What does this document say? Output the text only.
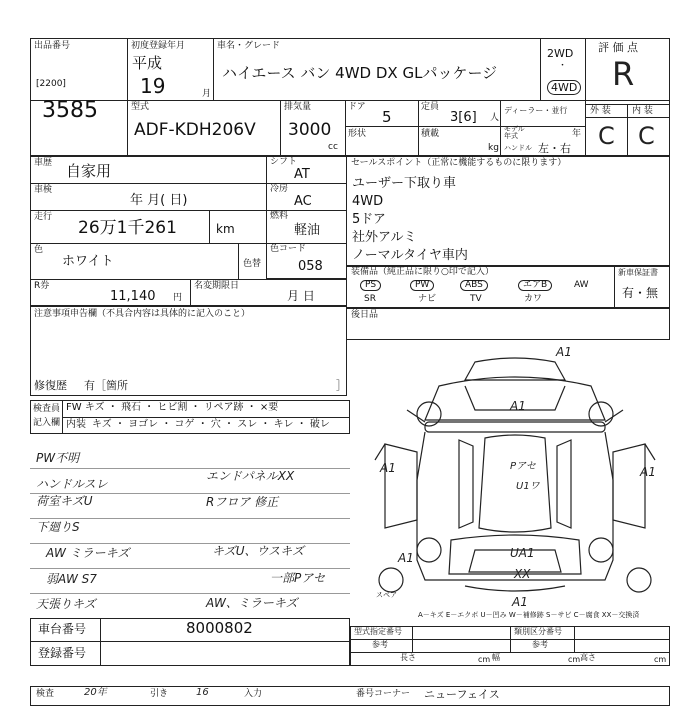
出品番号
[2200]
3585
初度登録年月
平成
19	月
車名・グレード
ハイエース バン 4WD DX GLパッケージ
2WD
・
4WD
評 価 点
R
外 装 内 装
C C
型式
ADF-KDH206V
排気量
3000
cc
ドア
5
定員
3[6] 人
ディーラー・並行
形状	積載
kg
モデル年式	年
ハンドル 左・右
車歴 自家用
車検
年 月( 日)
走行
26万1千261	km
色
ホワイト	色替
R券
11,140 円
名変期限日
月 日
シフト
AT
冷房
AC
燃料
軽油
色コード
058
セールスポイント（正常に機能するものに限ります）
ユーザー下取り車
4WD
5ドア
社外アルミ
ノーマルタイヤ車内
装備品（純正品に限り○印で記入）
PS	PW	ABS	エアB	AW
SR	ナビ	TV	カワ
新車保証書
有・無
後日品
注意事項申告欄（不具合内容は具体的に記入のこと）
修復歴 有［箇所	］
検査員
記入欄
FW キズ ・ 飛石 ・ ヒビ割 ・ リペア跡 ・ ×要
内装 キズ ・ ヨゴレ ・ コゲ ・ 穴 ・ スレ ・ キレ ・ 破レ
PW不明
ハンドルスレ
荷室キズU
下廻りS
AW ミラーキズ
弱AW S7
天張りキズ
エンドパネルXX
Rフロア 修正
キズU、ウスキズ
一部Pアセ
AW、ミラーキズ
A1
A1
A1	A1
A1
A1
Pアセ
U1ワ
UA1
XX
スペア
A－キズ E－エクボ U－凹み W－補修跡 S－サビ C－腐食 XX－交換済
車台番号	8000802
登録番号
型式指定番号	類別区分番号
参考	参考
長さ	幅	高さ
cm	cm	cm
検査	20年	引き	16	入力	番号コーナー ニューフェイス
